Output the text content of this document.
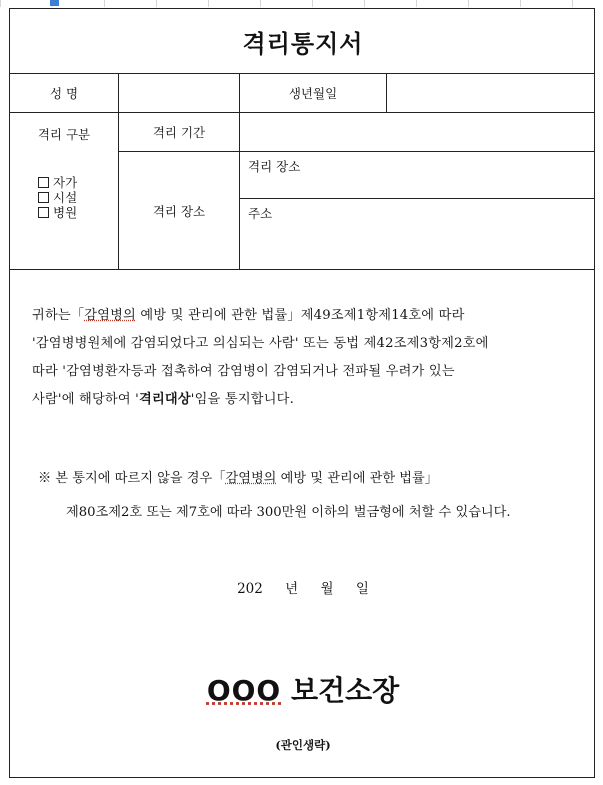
격리통지서
성 명	생년월일
격리 구분
자가
시설
병원
격리 기간
격리 장소
격리 장소
주소
귀하는「감염병의 예방 및 관리에 관한 법률」제49조제1항제14호에 따라
'감염병병원체에 감염되었다고 의심되는 사람' 또는 동법 제42조제3항제2호에
따라 '감염병환자등과 접촉하여 감염병이 감염되거나 전파될 우려가 있는
사람'에 해당하여 '격리대상'임을 통지합니다.
※ 본 통지에 따르지 않을 경우「감염병의 예방 및 관리에 관한 법률」
제80조제2호 또는 제7호에 따라 300만원 이하의 벌금형에 처할 수 있습니다.
202 년 월 일
OOO 보건소장
(관인생략)
